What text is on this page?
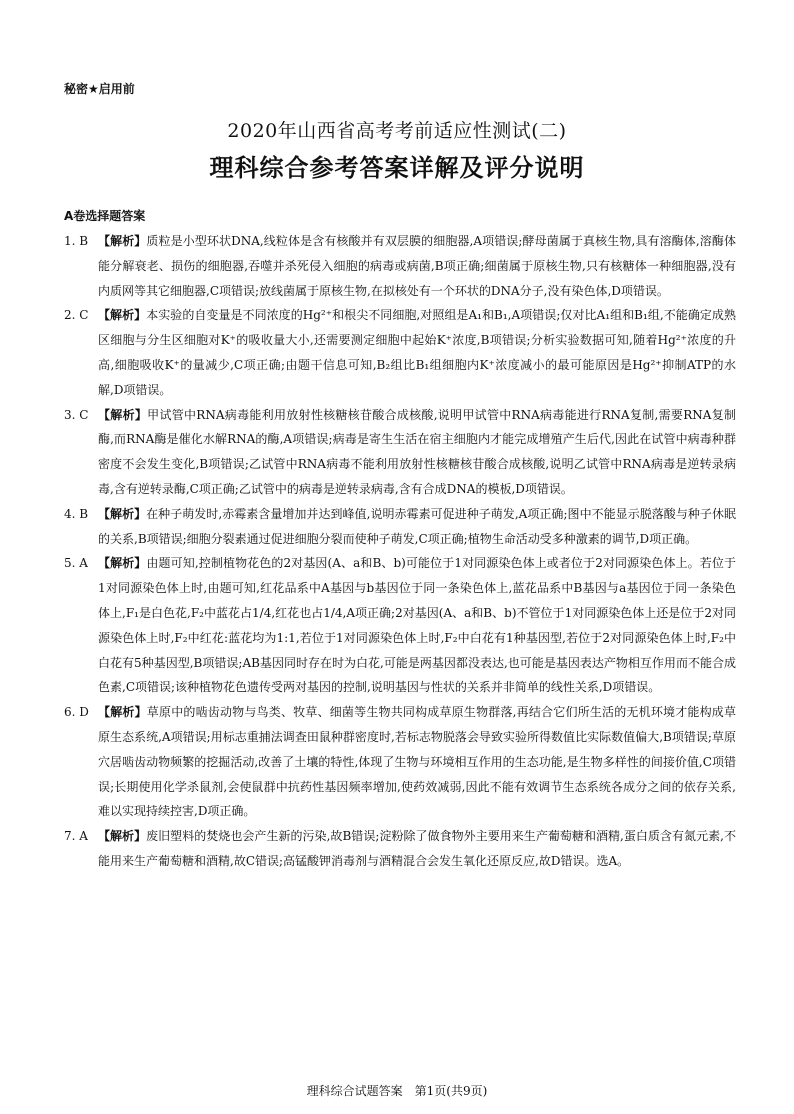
秘密★启用前
2020年山西省高考考前适应性测试(二)
理科综合参考答案详解及评分说明
A卷选择题答案
1. B 【解析】质粒是小型环状DNA,线粒体是含有核酸并有双层膜的细胞器,A项错误;酵母菌属于真核生物,具有溶酶体,溶酶体能分解衰老、损伤的细胞器,吞噬并杀死侵入细胞的病毒或病菌,B项正确;细菌属于原核生物,只有核糖体一种细胞器,没有内质网等其它细胞器,C项错误;放线菌属于原核生物,在拟核处有一个环状的DNA分子,没有染色体,D项错误。
2. C 【解析】本实验的自变量是不同浓度的Hg²⁺和根尖不同细胞,对照组是A₁和B₁,A项错误;仅对比A₁组和B₁组,不能确定成熟区细胞与分生区细胞对K⁺的吸收量大小,还需要测定细胞中起始K⁺浓度,B项错误;分析实验数据可知,随着Hg²⁺浓度的升高,细胞吸收K⁺的量减少,C项正确;由题干信息可知,B₂组比B₁组细胞内K⁺浓度减小的最可能原因是Hg²⁺抑制ATP的水解,D项错误。
3. C 【解析】甲试管中RNA病毒能利用放射性核糖核苷酸合成核酸,说明甲试管中RNA病毒能进行RNA复制,需要RNA复制酶,而RNA酶是催化水解RNA的酶,A项错误;病毒是寄生生活在宿主细胞内才能完成增殖产生后代,因此在试管中病毒种群密度不会发生变化,B项错误;乙试管中RNA病毒不能利用放射性核糖核苷酸合成核酸,说明乙试管中RNA病毒是逆转录病毒,含有逆转录酶,C项正确;乙试管中的病毒是逆转录病毒,含有合成DNA的模板,D项错误。
4. B 【解析】在种子萌发时,赤霉素含量增加并达到峰值,说明赤霉素可促进种子萌发,A项正确;图中不能显示脱落酸与种子休眠的关系,B项错误;细胞分裂素通过促进细胞分裂而使种子萌发,C项正确;植物生命活动受多种激素的调节,D项正确。
5. A 【解析】由题可知,控制植物花色的2对基因(A、a和B、b)可能位于1对同源染色体上或者位于2对同源染色体上。若位于1对同源染色体上时,由题可知,红花品系中A基因与b基因位于同一条染色体上,蓝花品系中B基因与a基因位于同一条染色体上,F₁是白色花,F₂中蓝花占1/4,红花也占1/4,A项正确;2对基因(A、a和B、b)不管位于1对同源染色体上还是位于2对同源染色体上时,F₂中红花:蓝花均为1:1,若位于1对同源染色体上时,F₂中白花有1种基因型,若位于2对同源染色体上时,F₂中白花有5种基因型,B项错误;AB基因同时存在时为白花,可能是两基因都没表达,也可能是基因表达产物相互作用而不能合成色素,C项错误;该种植物花色遗传受两对基因的控制,说明基因与性状的关系并非简单的线性关系,D项错误。
6. D 【解析】草原中的啮齿动物与鸟类、牧草、细菌等生物共同构成草原生物群落,再结合它们所生活的无机环境才能构成草原生态系统,A项错误;用标志重捕法调查田鼠种群密度时,若标志物脱落会导致实验所得数值比实际数值偏大,B项错误;草原穴居啮齿动物频繁的挖掘活动,改善了土壤的特性,体现了生物与环境相互作用的生态功能,是生物多样性的间接价值,C项错误;长期使用化学杀鼠剂,会使鼠群中抗药性基因频率增加,使药效减弱,因此不能有效调节生态系统各成分之间的依存关系,难以实现持续控害,D项正确。
7. A 【解析】废旧塑料的焚烧也会产生新的污染,故B错误;淀粉除了做食物外主要用来生产葡萄糖和酒精,蛋白质含有氮元素,不能用来生产葡萄糖和酒精,故C错误;高锰酸钾消毒剂与酒精混合会发生氧化还原反应,故D错误。选A。
理科综合试题答案　第1页(共9页)
